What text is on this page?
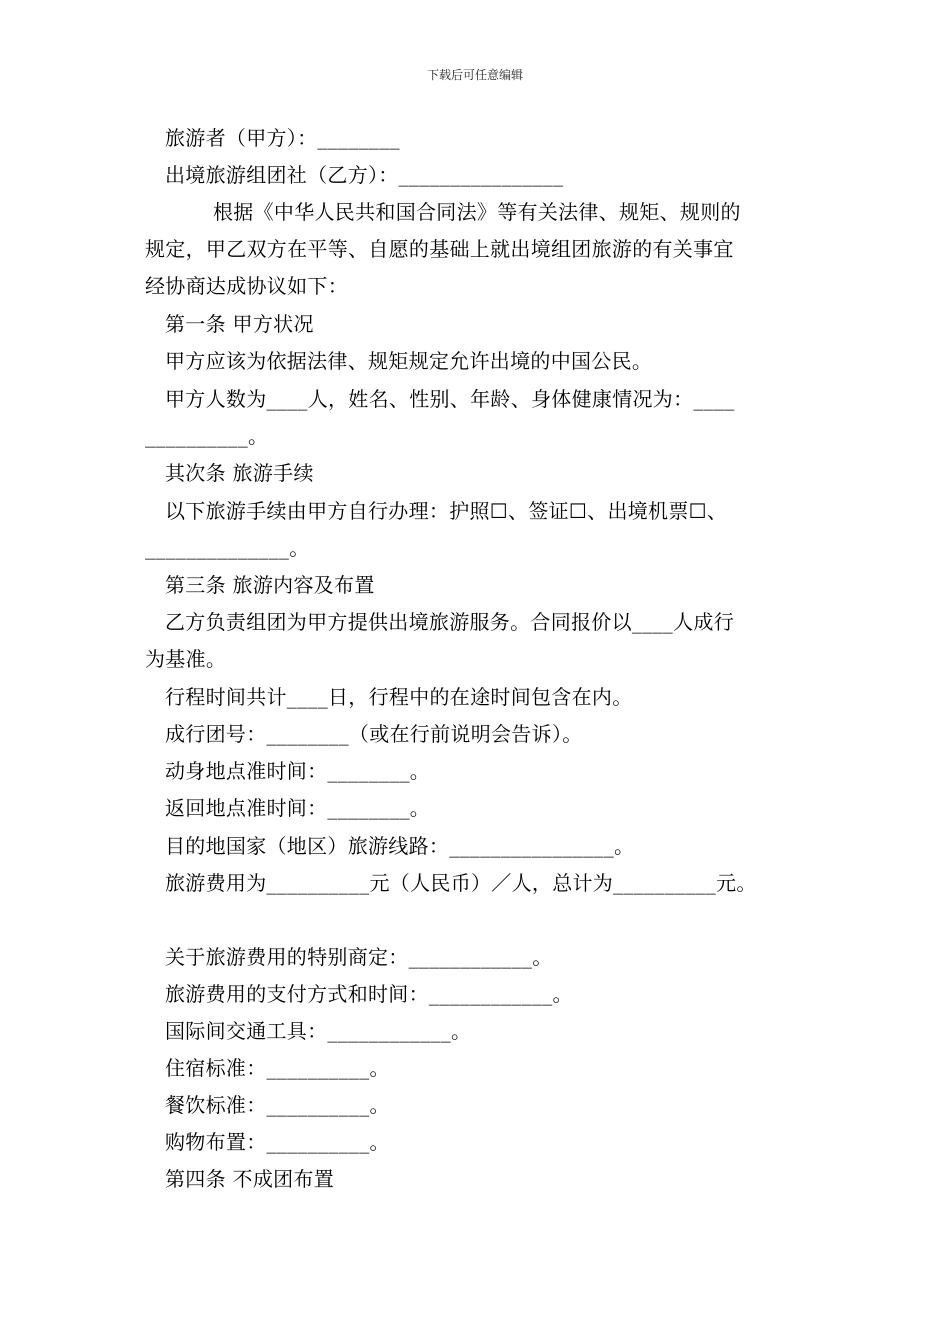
下载后可任意编辑
旅游者（甲方）：________
出境旅游组团社（乙方）：________________
根据《中华人民共和国合同法》等有关法律、规矩、规则的
规定，甲乙双方在平等、自愿的基础上就出境组团旅游的有关事宜
经协商达成协议如下：
第一条 甲方状况
甲方应该为依据法律、规矩规定允许出境的中国公民。
甲方人数为____人，姓名、性别、年龄、身体健康情况为：____
__________。
其次条 旅游手续
以下旅游手续由甲方自行办理：护照☐、签证☐、出境机票☐、
______________。
第三条 旅游内容及布置
乙方负责组团为甲方提供出境旅游服务。合同报价以____人成行
为基准。
行程时间共计____日，行程中的在途时间包含在内。
成行团号：________（或在行前说明会告诉）。
动身地点准时间：________。
返回地点准时间：________。
目的地国家（地区）旅游线路：________________。
旅游费用为__________元（人民币）／人，总计为__________元。
关于旅游费用的特别商定：____________。
旅游费用的支付方式和时间：____________。
国际间交通工具：____________。
住宿标准：__________。
餐饮标准：__________。
购物布置：__________。
第四条 不成团布置
